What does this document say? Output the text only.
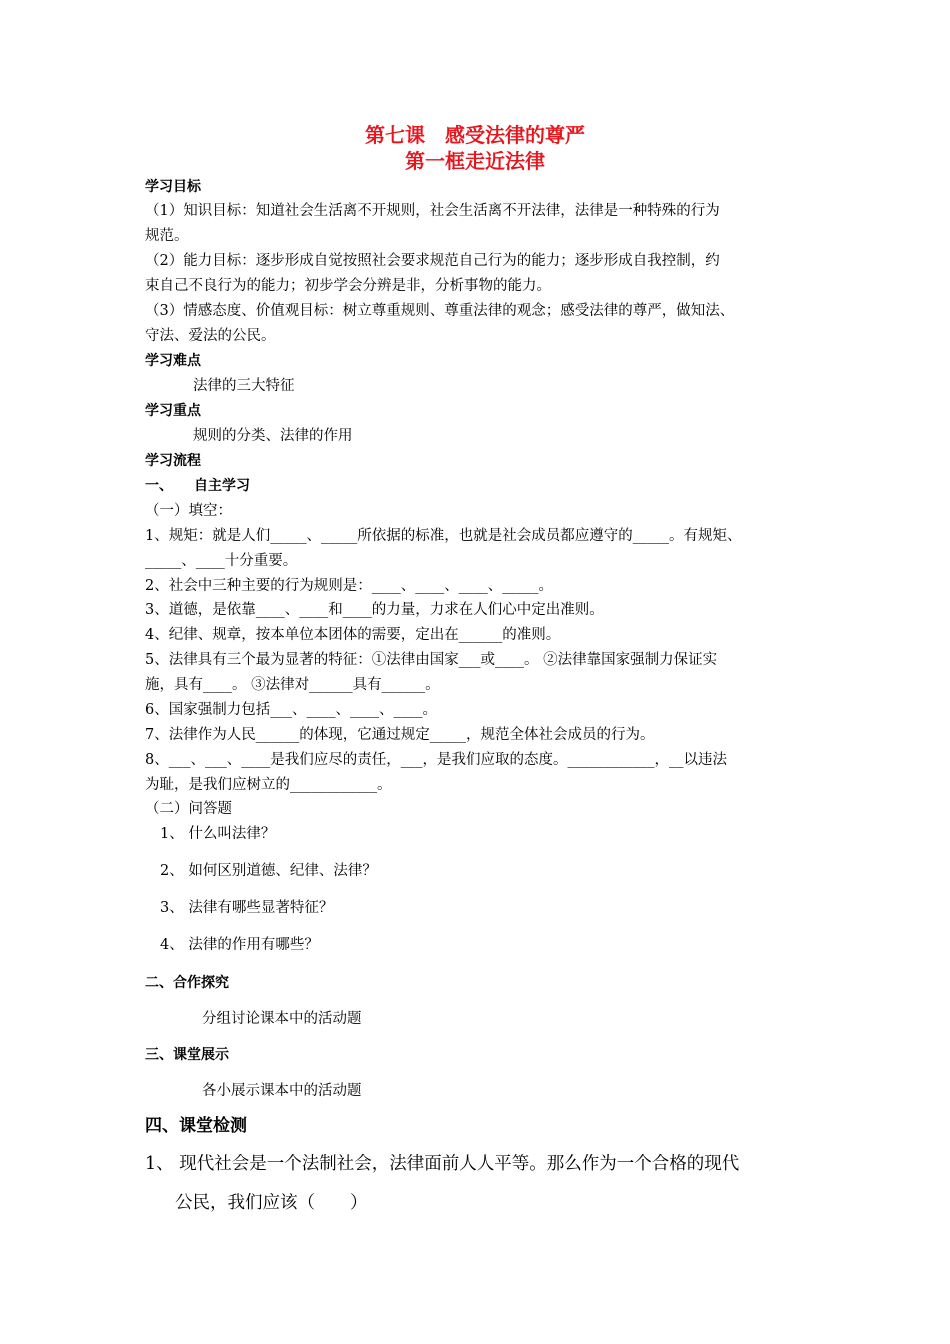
第七课　感受法律的尊严
第一框走近法律
学习目标
（1）知识目标：知道社会生活离不开规则，社会生活离不开法律，法律是一种特殊的行为
规范。
（2）能力目标：逐步形成自觉按照社会要求规范自己行为的能力；逐步形成自我控制，约
束自己不良行为的能力；初步学会分辨是非，分析事物的能力。
（3）情感态度、价值观目标：树立尊重规则、尊重法律的观念；感受法律的尊严，做知法、
守法、爱法的公民。
学习难点
法律的三大特征
学习重点
规则的分类、法律的作用
学习流程
一、　　自主学习
（一）填空：
1、规矩：就是人们_____、_____所依据的标准，也就是社会成员都应遵守的_____。有规矩、
_____、____十分重要。
2、社会中三种主要的行为规则是：____、____、____、_____。
3、道德，是依靠____、____和____的力量，力求在人们心中定出准则。
4、纪律、规章，按本单位本团体的需要，定出在______的准则。
5、法律具有三个最为显著的特征：①法律由国家___或____。 ②法律靠国家强制力保证实
施，具有____。 ③法律对______具有______。
6、国家强制力包括___、____、____、____。
7、法律作为人民______的体现，它通过规定_____，规范全体社会成员的行为。
8、___、___、____是我们应尽的责任，___，是我们应取的态度。____________，__以违法
为耻，是我们应树立的____________。
（二）问答题
1、 什么叫法律？
2、 如何区别道德、纪律、法律？
3、 法律有哪些显著特征？
4、 法律的作用有哪些？
二、合作探究
分组讨论课本中的活动题
三、课堂展示
各小展示课本中的活动题
四、课堂检测
1、 现代社会是一个法制社会，法律面前人人平等。那么作为一个合格的现代
公民，我们应该（　　）
